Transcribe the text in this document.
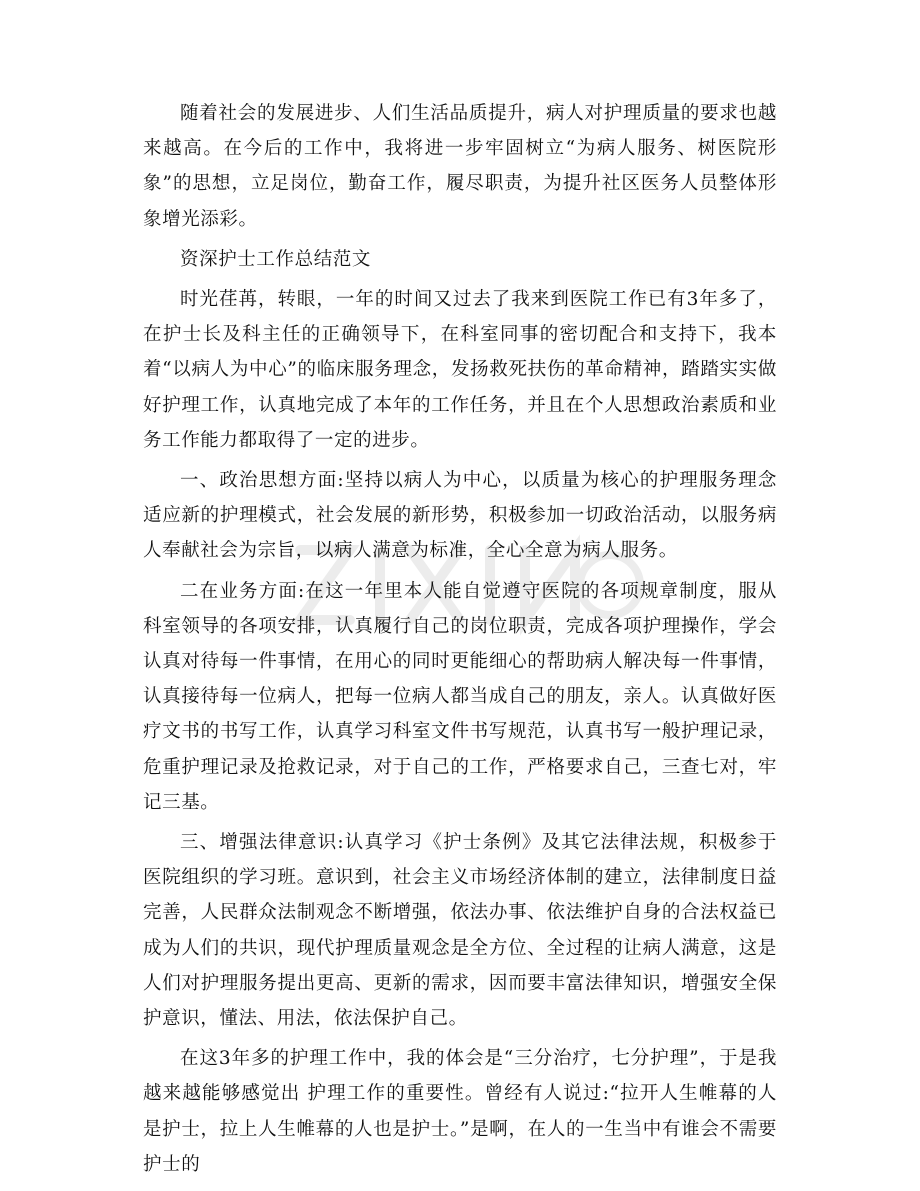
随着社会的发展进步、人们生活品质提升，病人对护理质量的要求也越来越高。在今后的工作中，我将进一步牢固树立“为病人服务、树医院形象”的思想，立足岗位，勤奋工作，履尽职责，为提升社区医务人员整体形象增光添彩。

资深护士工作总结范文

时光荏苒，转眼，一年的时间又过去了我来到医院工作已有3年多了，在护士长及科主任的正确领导下，在科室同事的密切配合和支持下，我本着“以病人为中心”的临床服务理念，发扬救死扶伤的革命精神，踏踏实实做好护理工作，认真地完成了本年的工作任务，并且在个人思想政治素质和业务工作能力都取得了一定的进步。

一、政治思想方面:坚持以病人为中心，以质量为核心的护理服务理念适应新的护理模式，社会发展的新形势，积极参加一切政治活动，以服务病人奉献社会为宗旨，以病人满意为标准，全心全意为病人服务。

二在业务方面:在这一年里本人能自觉遵守医院的各项规章制度，服从科室领导的各项安排，认真履行自己的岗位职责，完成各项护理操作，学会认真对待每一件事情，在用心的同时更能细心的帮助病人解决每一件事情，认真接待每一位病人，把每一位病人都当成自己的朋友，亲人。认真做好医疗文书的书写工作，认真学习科室文件书写规范，认真书写一般护理记录，危重护理记录及抢救记录，对于自己的工作，严格要求自己，三查七对，牢记三基。

三、增强法律意识:认真学习《护士条例》及其它法律法规，积极参于医院组织的学习班。意识到，社会主义市场经济体制的建立，法律制度日益完善，人民群众法制观念不断增强，依法办事、依法维护自身的合法权益已成为人们的共识，现代护理质量观念是全方位、全过程的让病人满意，这是人们对护理服务提出更高、更新的需求，因而要丰富法律知识，增强安全保护意识，懂法、用法，依法保护自己。

在这3年多的护理工作中，我的体会是“三分治疗，七分护理”，于是我越来越能够感觉出 护理工作的重要性。曾经有人说过:“拉开人生帷幕的人是护士，拉上人生帷幕的人也是护士。”是啊，在人的一生当中有谁会不需要护士的
